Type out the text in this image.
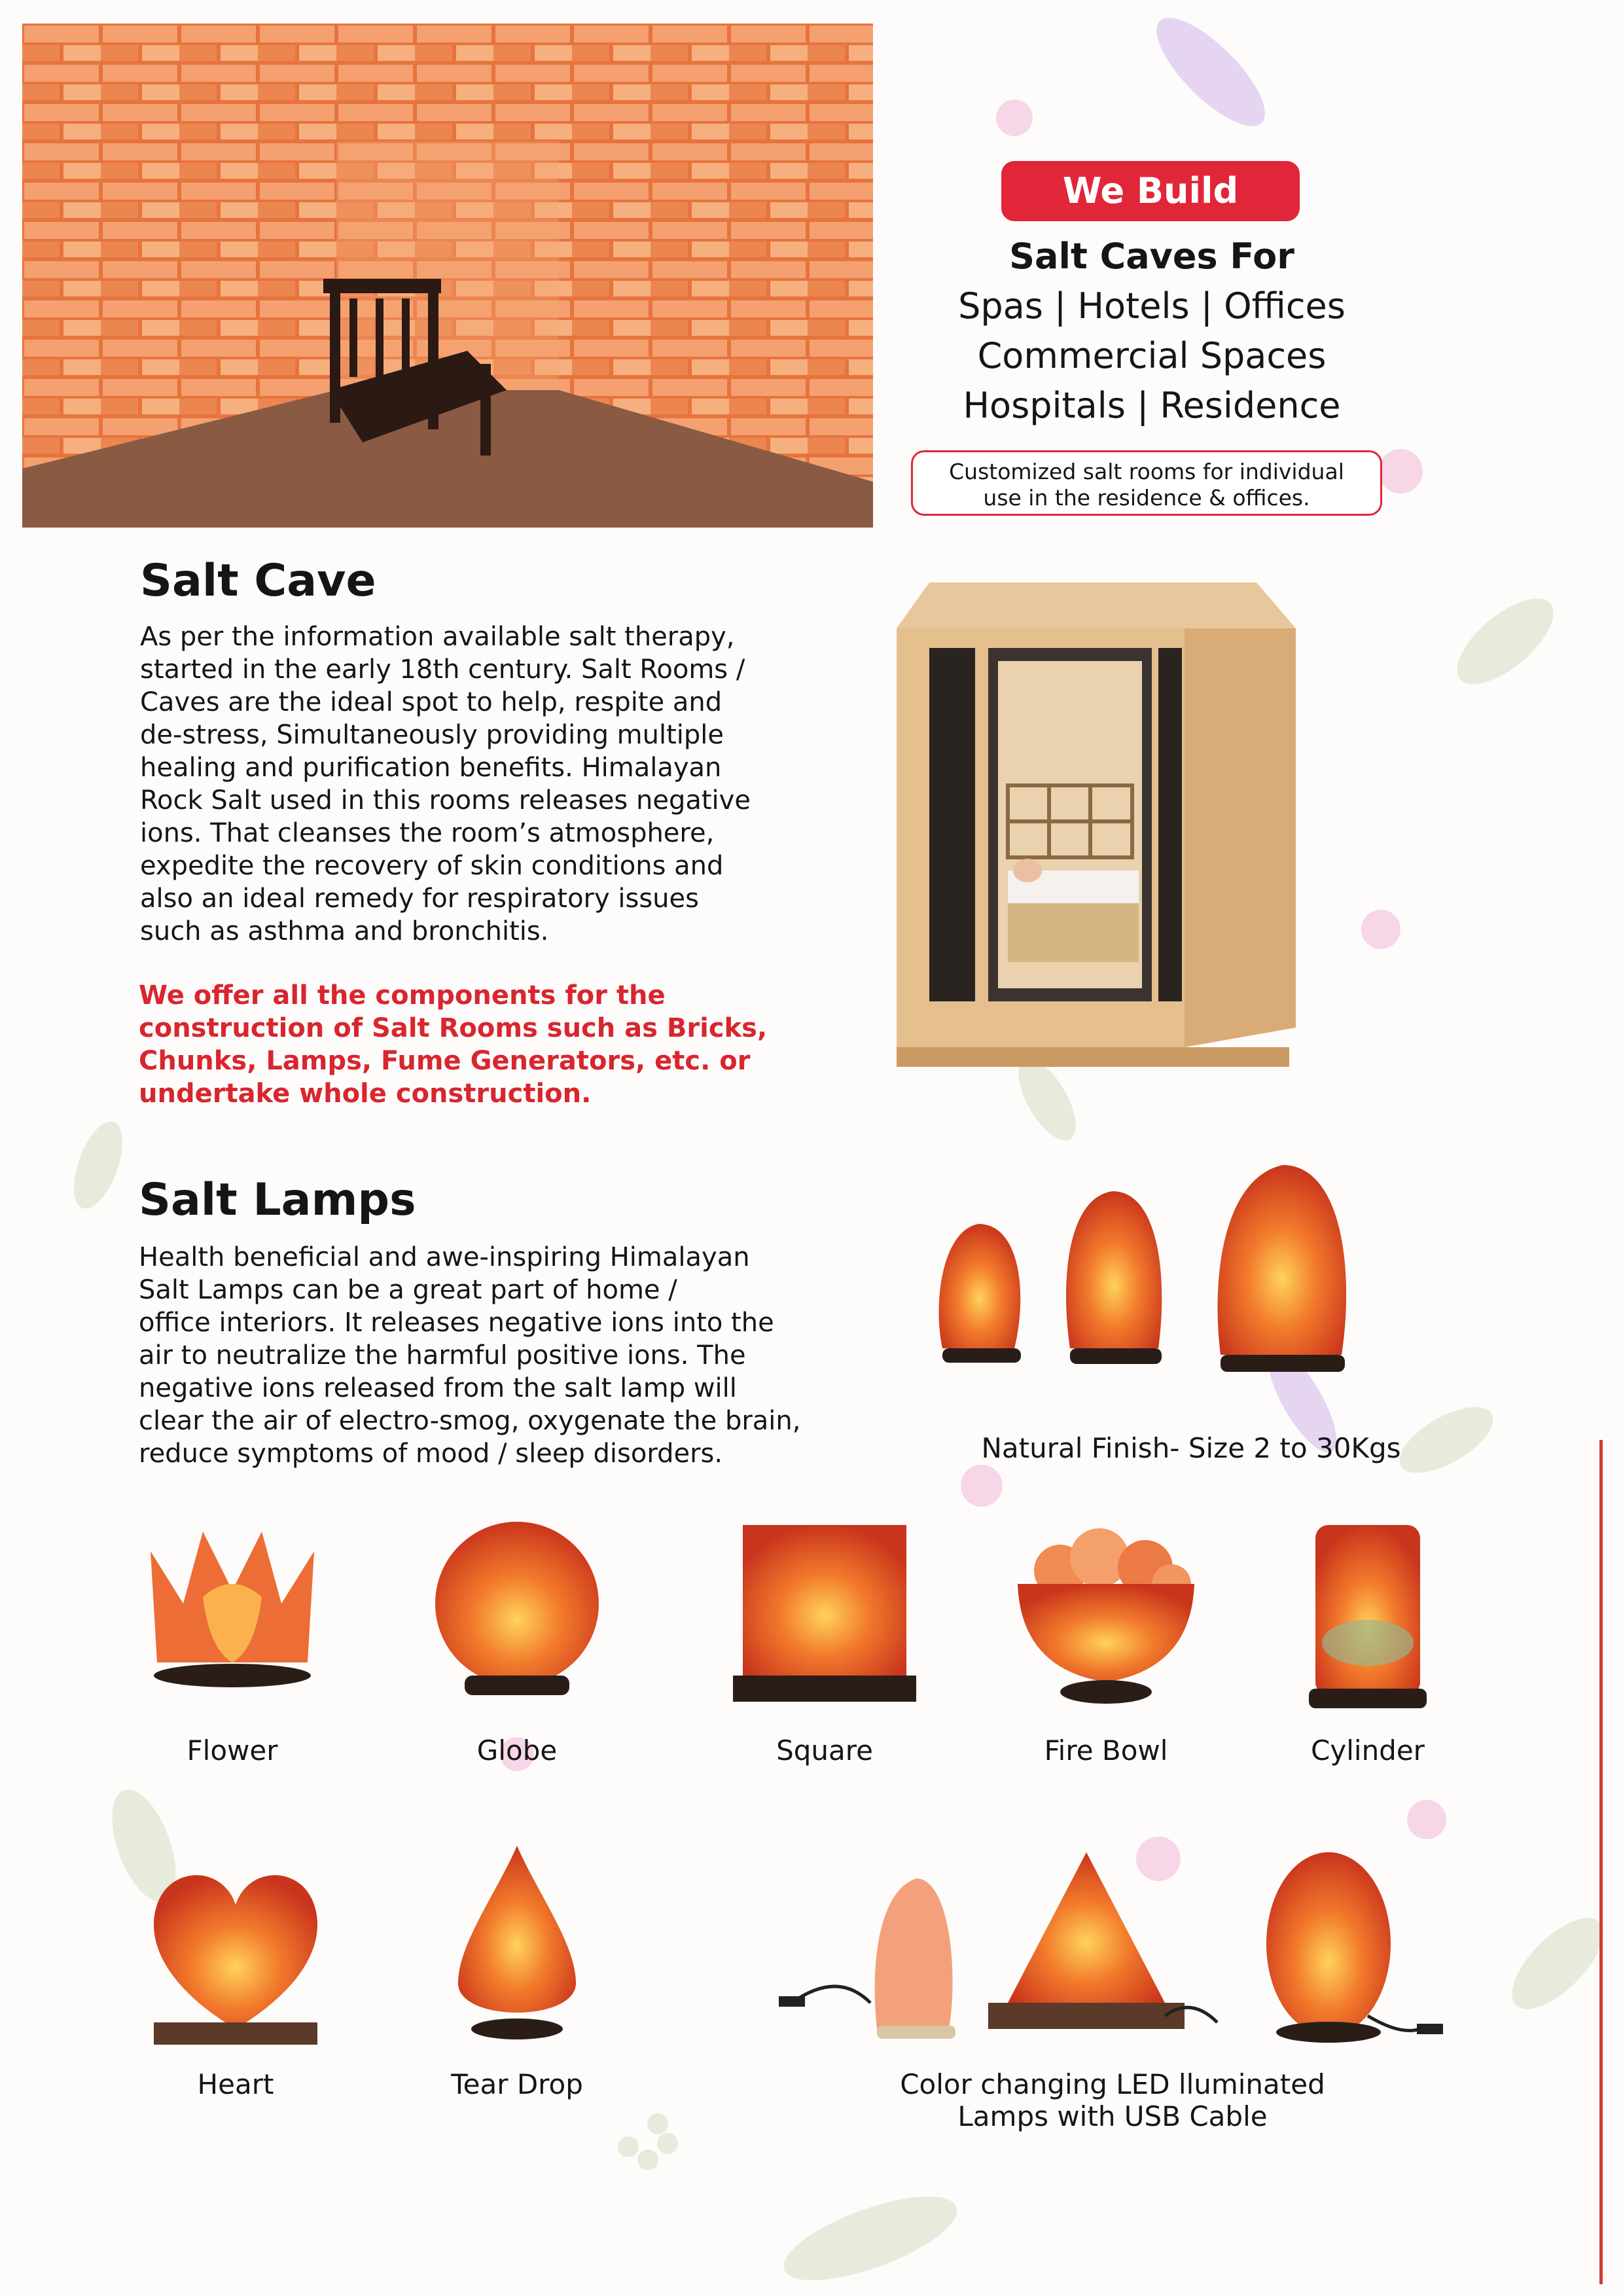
We Build
Salt Caves For
Spas | Hotels | Offices
Commercial Spaces
Hospitals | Residence
Customized salt rooms for individual
use in the residence & offices.
Salt Cave
As per the information available salt therapy,
started in the early 18th century. Salt Rooms /
Caves are the ideal spot to help, respite and
de-stress, Simultaneously providing multiple
healing and purification benefits. Himalayan
Rock Salt used in this rooms releases negative
ions. That cleanses the room’s atmosphere,
expedite the recovery of skin conditions and
also an ideal remedy for respiratory issues
such as asthma and bronchitis.
We offer all the components for the
construction of Salt Rooms such as Bricks,
Chunks, Lamps, Fume Generators, etc. or
undertake whole construction.
Salt Lamps
Health beneficial and awe-inspiring Himalayan
Salt Lamps can be a great part of home /
office interiors. It releases negative ions into the
air to neutralize the harmful positive ions. The
negative ions released from the salt lamp will
clear the air of electro-smog, oxygenate the brain,
reduce symptoms of mood / sleep disorders.	Natural Finish- Size 2 to 30Kgs
Flower	Globe	Square	Fire Bowl	Cylinder
Heart	Tear Drop	Color changing LED lluminated
Lamps with USB Cable
